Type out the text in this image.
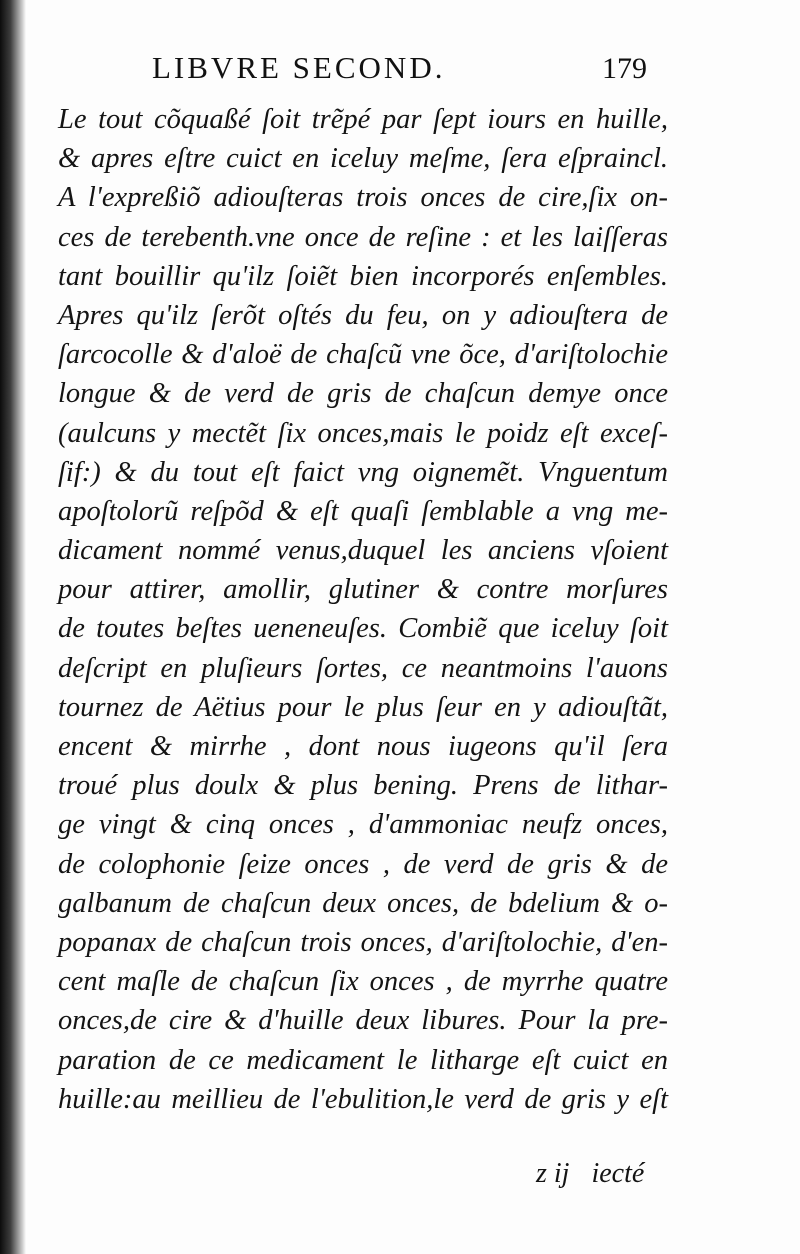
LIBVRE SECOND.	179
Le tout cõquaßé ſoit trẽpé par ſept iours en huille,
& apres eſtre cuict en iceluy meſme, ſera eſpraincl.
A l'expreßiõ adiouſteras trois onces de cire,ſix on-
ces de terebenth.vne once de reſine : et les laiſſeras
tant bouillir qu'ilz ſoiẽt bien incorporés enſembles.
Apres qu'ilz ſerõt oſtés du feu, on y adiouſtera de
ſarcocolle & d'aloë de chaſcũ vne õce, d'ariſtolochie
longue & de verd de gris de chaſcun demye once
(aulcuns y mectẽt ſix onces,mais le poidz eſt exceſ-
ſif:) & du tout eſt faict vng oignemẽt. Vnguentum
apoſtolorũ reſpõd & eſt quaſi ſemblable a vng me-
dicament nommé venus,duquel les anciens vſoient
pour attirer, amollir, glutiner & contre morſures
de toutes beſtes ueneneuſes. Combiẽ que iceluy ſoit
deſcript en pluſieurs ſortes, ce neantmoins l'auons
tournez de Aëtius pour le plus ſeur en y adiouſtãt,
encent & mirrhe , dont nous iugeons qu'il ſera
troué plus doulx & plus bening. Prens de lithar-
ge vingt & cinq onces , d'ammoniac neufz onces,
de colophonie ſeize onces , de verd de gris & de
galbanum de chaſcun deux onces, de bdelium & o-
popanax de chaſcun trois onces, d'ariſtolochie, d'en-
cent maſle de chaſcun ſix onces , de myrrhe quatre
onces,de cire & d'huille deux libures. Pour la pre-
paration de ce medicament le litharge eſt cuict en
huille:au meillieu de l'ebulition,le verd de gris y eſt
z ij iecté
